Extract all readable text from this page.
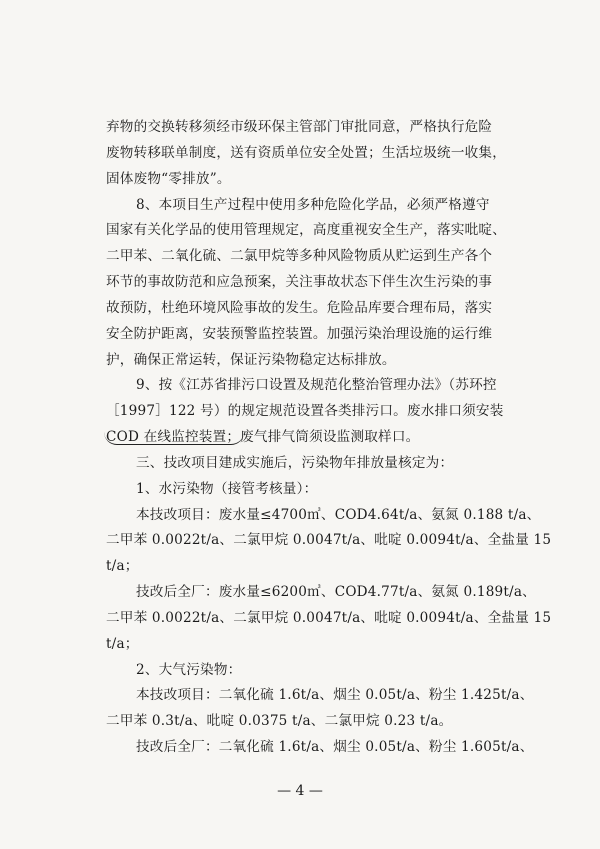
弃物的交换转移须经市级环保主管部门审批同意，严格执行危险
废物转移联单制度，送有资质单位安全处置；生活垃圾统一收集，
固体废物“零排放”。
8、本项目生产过程中使用多种危险化学品，必须严格遵守
国家有关化学品的使用管理规定，高度重视安全生产，落实吡啶、
二甲苯、二氧化硫、二氯甲烷等多种风险物质从贮运到生产各个
环节的事故防范和应急预案，关注事故状态下伴生次生污染的事
故预防，杜绝环境风险事故的发生。危险品库要合理布局，落实
安全防护距离，安装预警监控装置。加强污染治理设施的运行维
护，确保正常运转，保证污染物稳定达标排放。
9、按《江苏省排污口设置及规范化整治管理办法》（苏环控
［1997］122 号）的规定规范设置各类排污口。废水排口须安装
COD 在线监控装置；废气排气筒须设监测取样口。
三、技改项目建成实施后，污染物年排放量核定为：
1、水污染物（接管考核量）：
本技改项目：废水量≤4700㎥、COD4.64t/a、氨氮 0.188 t/a、
二甲苯 0.0022t/a、二氯甲烷 0.0047t/a、吡啶 0.0094t/a、全盐量 15
t/a；
技改后全厂：废水量≤6200㎥、COD4.77t/a、氨氮 0.189t/a、
二甲苯 0.0022t/a、二氯甲烷 0.0047t/a、吡啶 0.0094t/a、全盐量 15
t/a；
2、大气污染物：
本技改项目：二氧化硫 1.6t/a、烟尘 0.05t/a、粉尘 1.425t/a、
二甲苯 0.3t/a、吡啶 0.0375 t/a、二氯甲烷 0.23 t/a。
技改后全厂：二氧化硫 1.6t/a、烟尘 0.05t/a、粉尘 1.605t/a、
— 4 —
